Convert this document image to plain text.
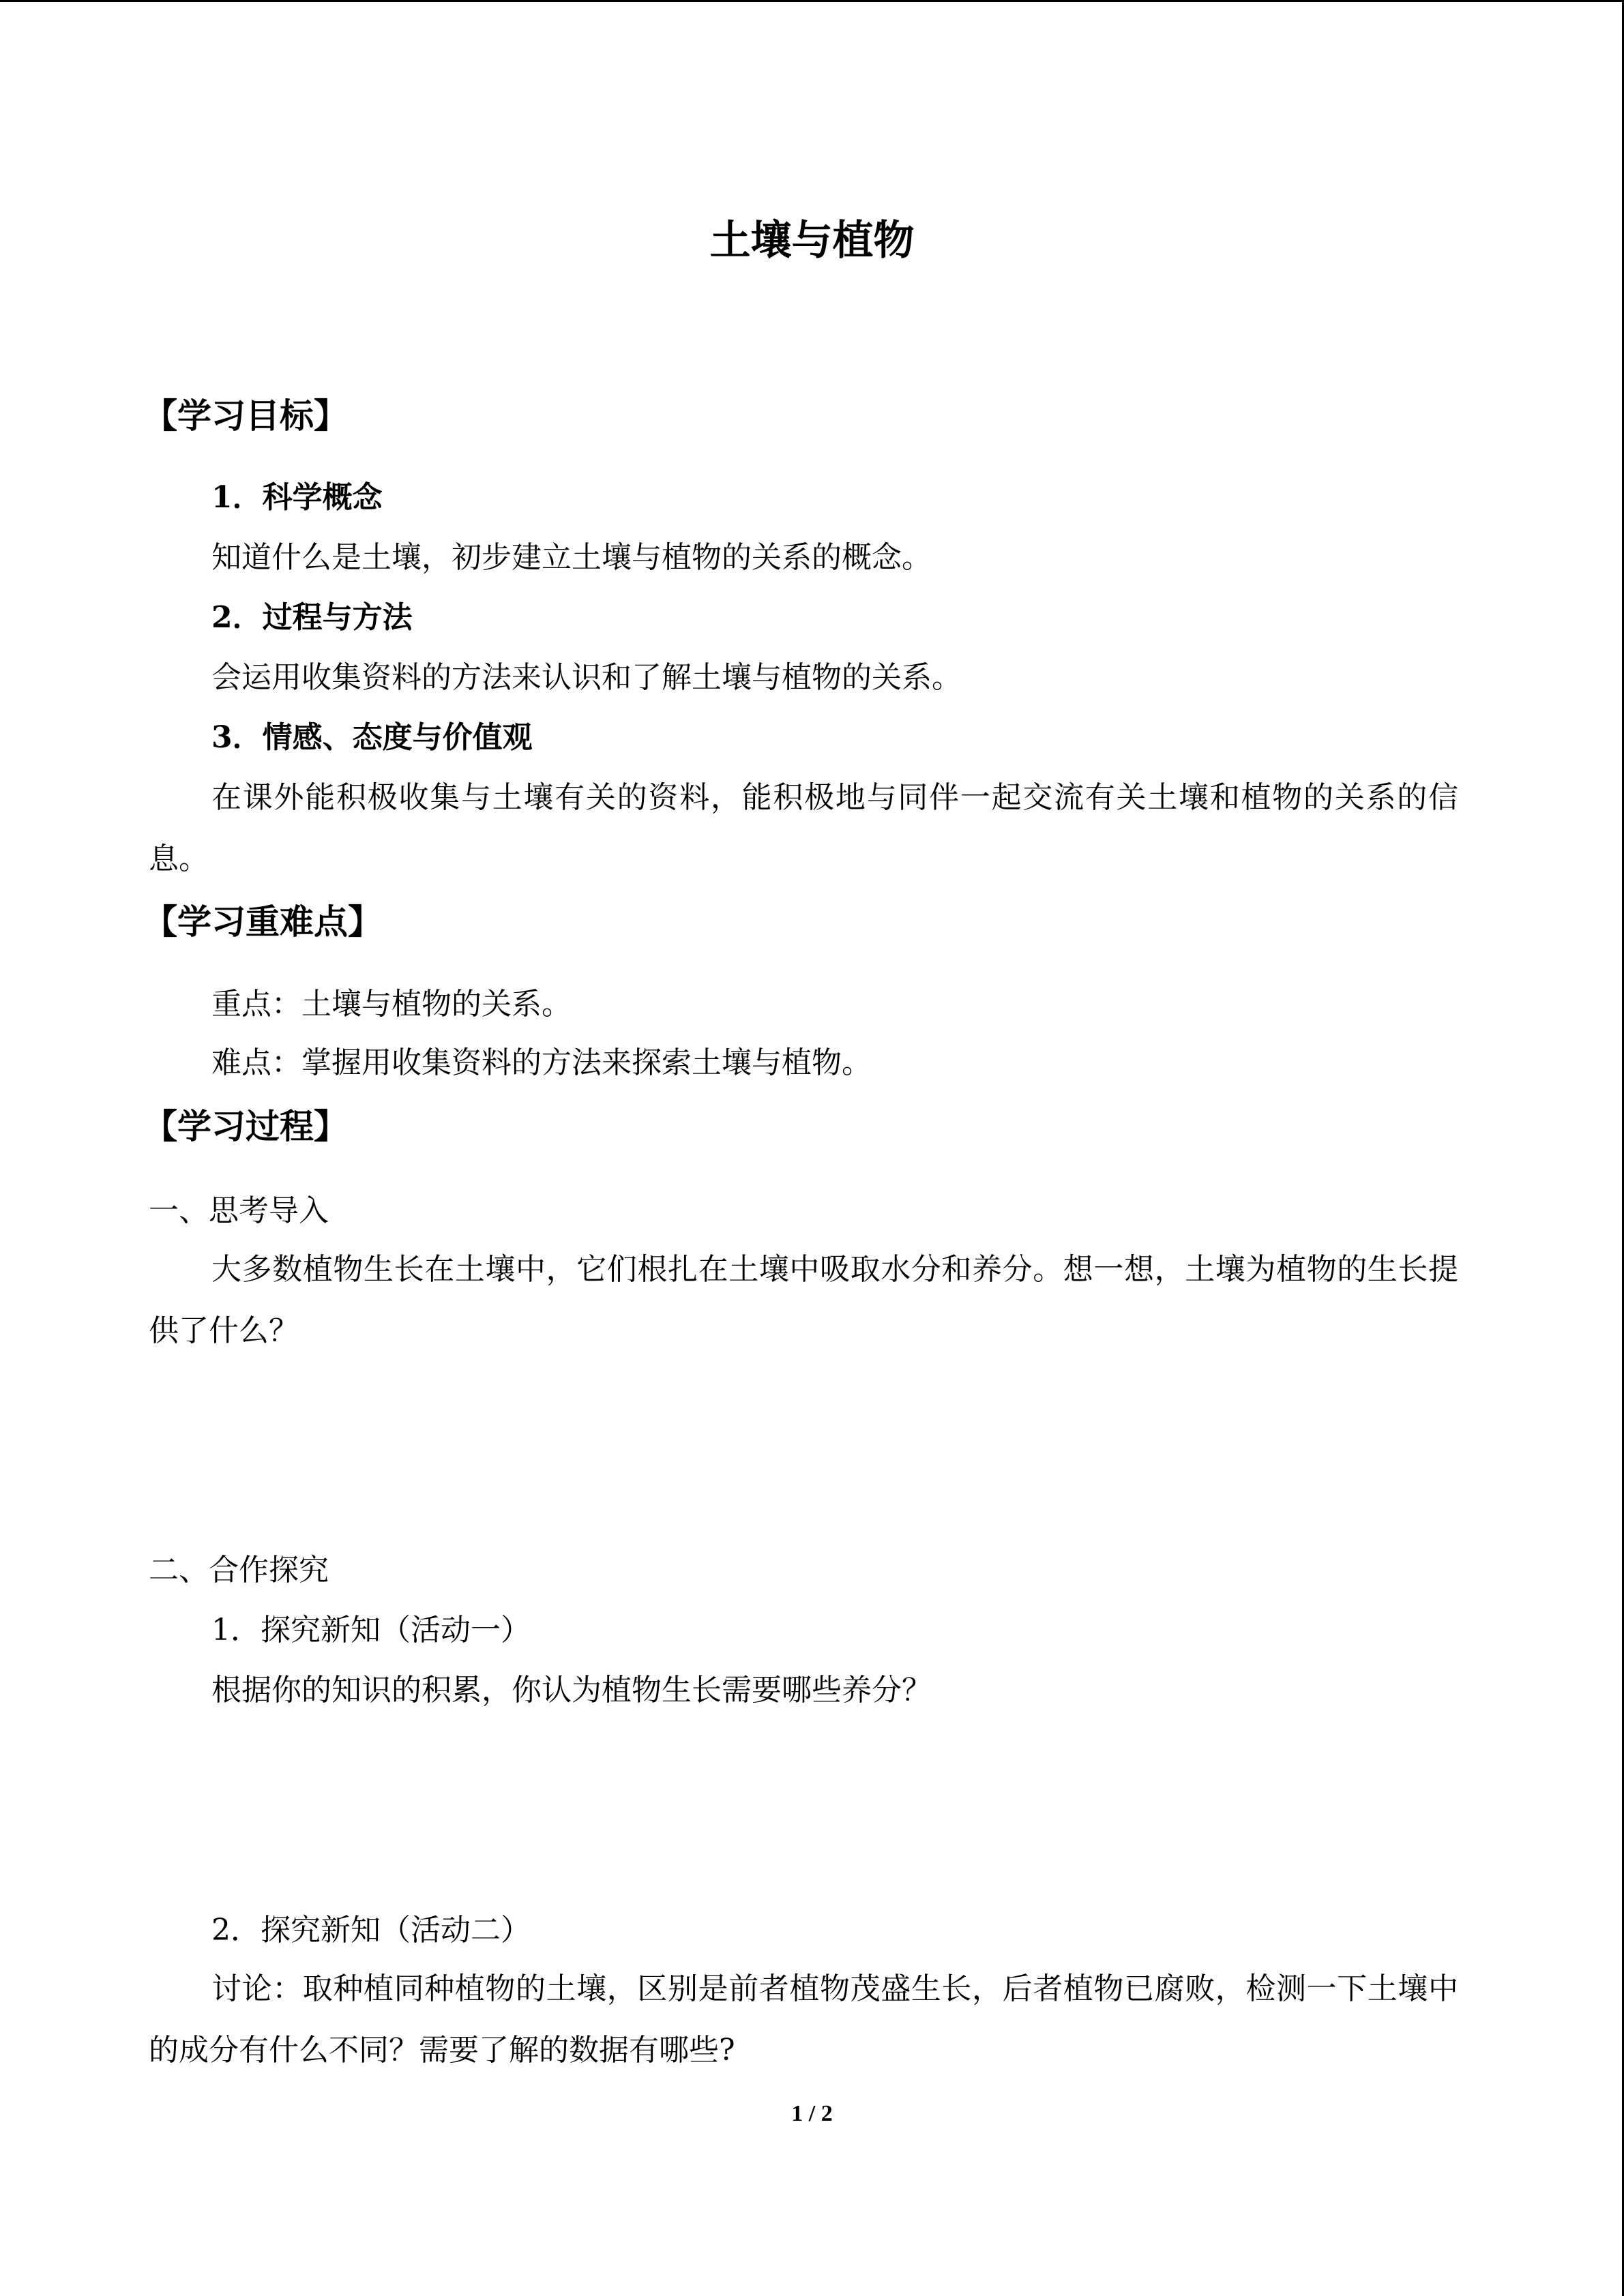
土壤与植物
【学习目标】
1．科学概念
知道什么是土壤，初步建立土壤与植物的关系的概念。
2．过程与方法
会运用收集资料的方法来认识和了解土壤与植物的关系。
3．情感、态度与价值观
在课外能积极收集与土壤有关的资料，能积极地与同伴一起交流有关土壤和植物的关系的信息。
【学习重难点】
重点：土壤与植物的关系。
难点：掌握用收集资料的方法来探索土壤与植物。
【学习过程】
一、思考导入
大多数植物生长在土壤中，它们根扎在土壤中吸取水分和养分。想一想，土壤为植物的生长提供了什么？
二、合作探究
1．探究新知（活动一）
根据你的知识的积累，你认为植物生长需要哪些养分？
2．探究新知（活动二）
讨论：取种植同种植物的土壤，区别是前者植物茂盛生长，后者植物已腐败，检测一下土壤中的成分有什么不同？需要了解的数据有哪些?
1 / 2
